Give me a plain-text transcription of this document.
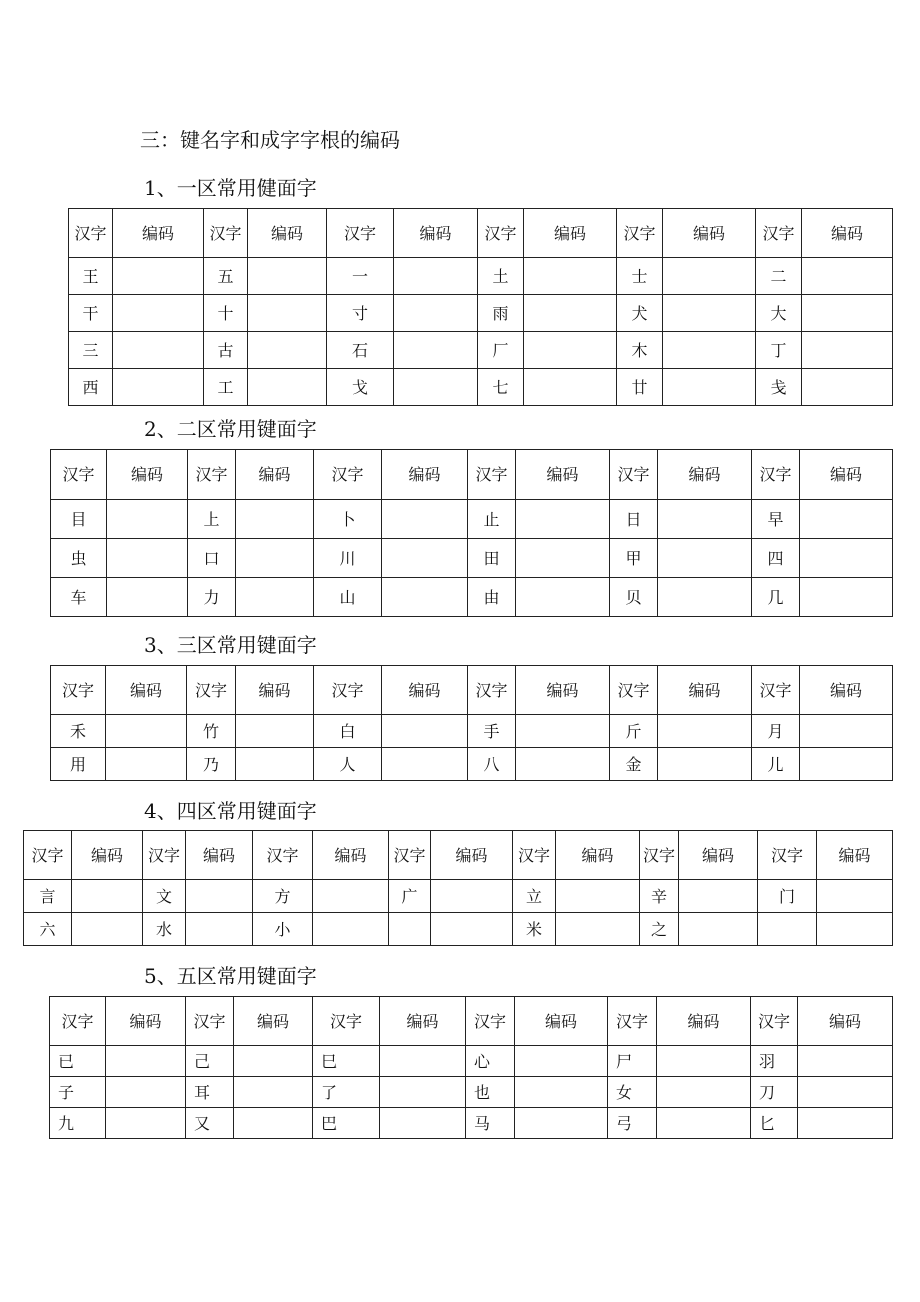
三：键名字和成字字根的编码
1、一区常用健面字
汉字	编码	汉字	编码	汉字	编码	汉字	编码	汉字	编码	汉字	编码
王		五		一		土		士		二	
干		十		寸		雨		犬		大	
三		古		石		厂		木		丁	
西		工		戈		七		廿		戋	
2、二区常用键面字
汉字	编码	汉字	编码	汉字	编码	汉字	编码	汉字	编码	汉字	编码
目		上		卜		止		日		早	
虫		口		川		田		甲		四	
车		力		山		由		贝		几	
3、三区常用键面字
汉字	编码	汉字	编码	汉字	编码	汉字	编码	汉字	编码	汉字	编码
禾		竹		白		手		斤		月	
用		乃		人		八		金		儿	
4、四区常用键面字
汉字	编码	汉字	编码	汉字	编码	汉字	编码	汉字	编码	汉字	编码	汉字	编码
言		文		方		广		立		辛		门	
六		水		小				米		之			
5、五区常用键面字
汉字	编码	汉字	编码	汉字	编码	汉字	编码	汉字	编码	汉字	编码
已		己		巳		心		尸		羽	
子		耳		了		也		女		刀	
九		又		巴		马		弓		匕	
